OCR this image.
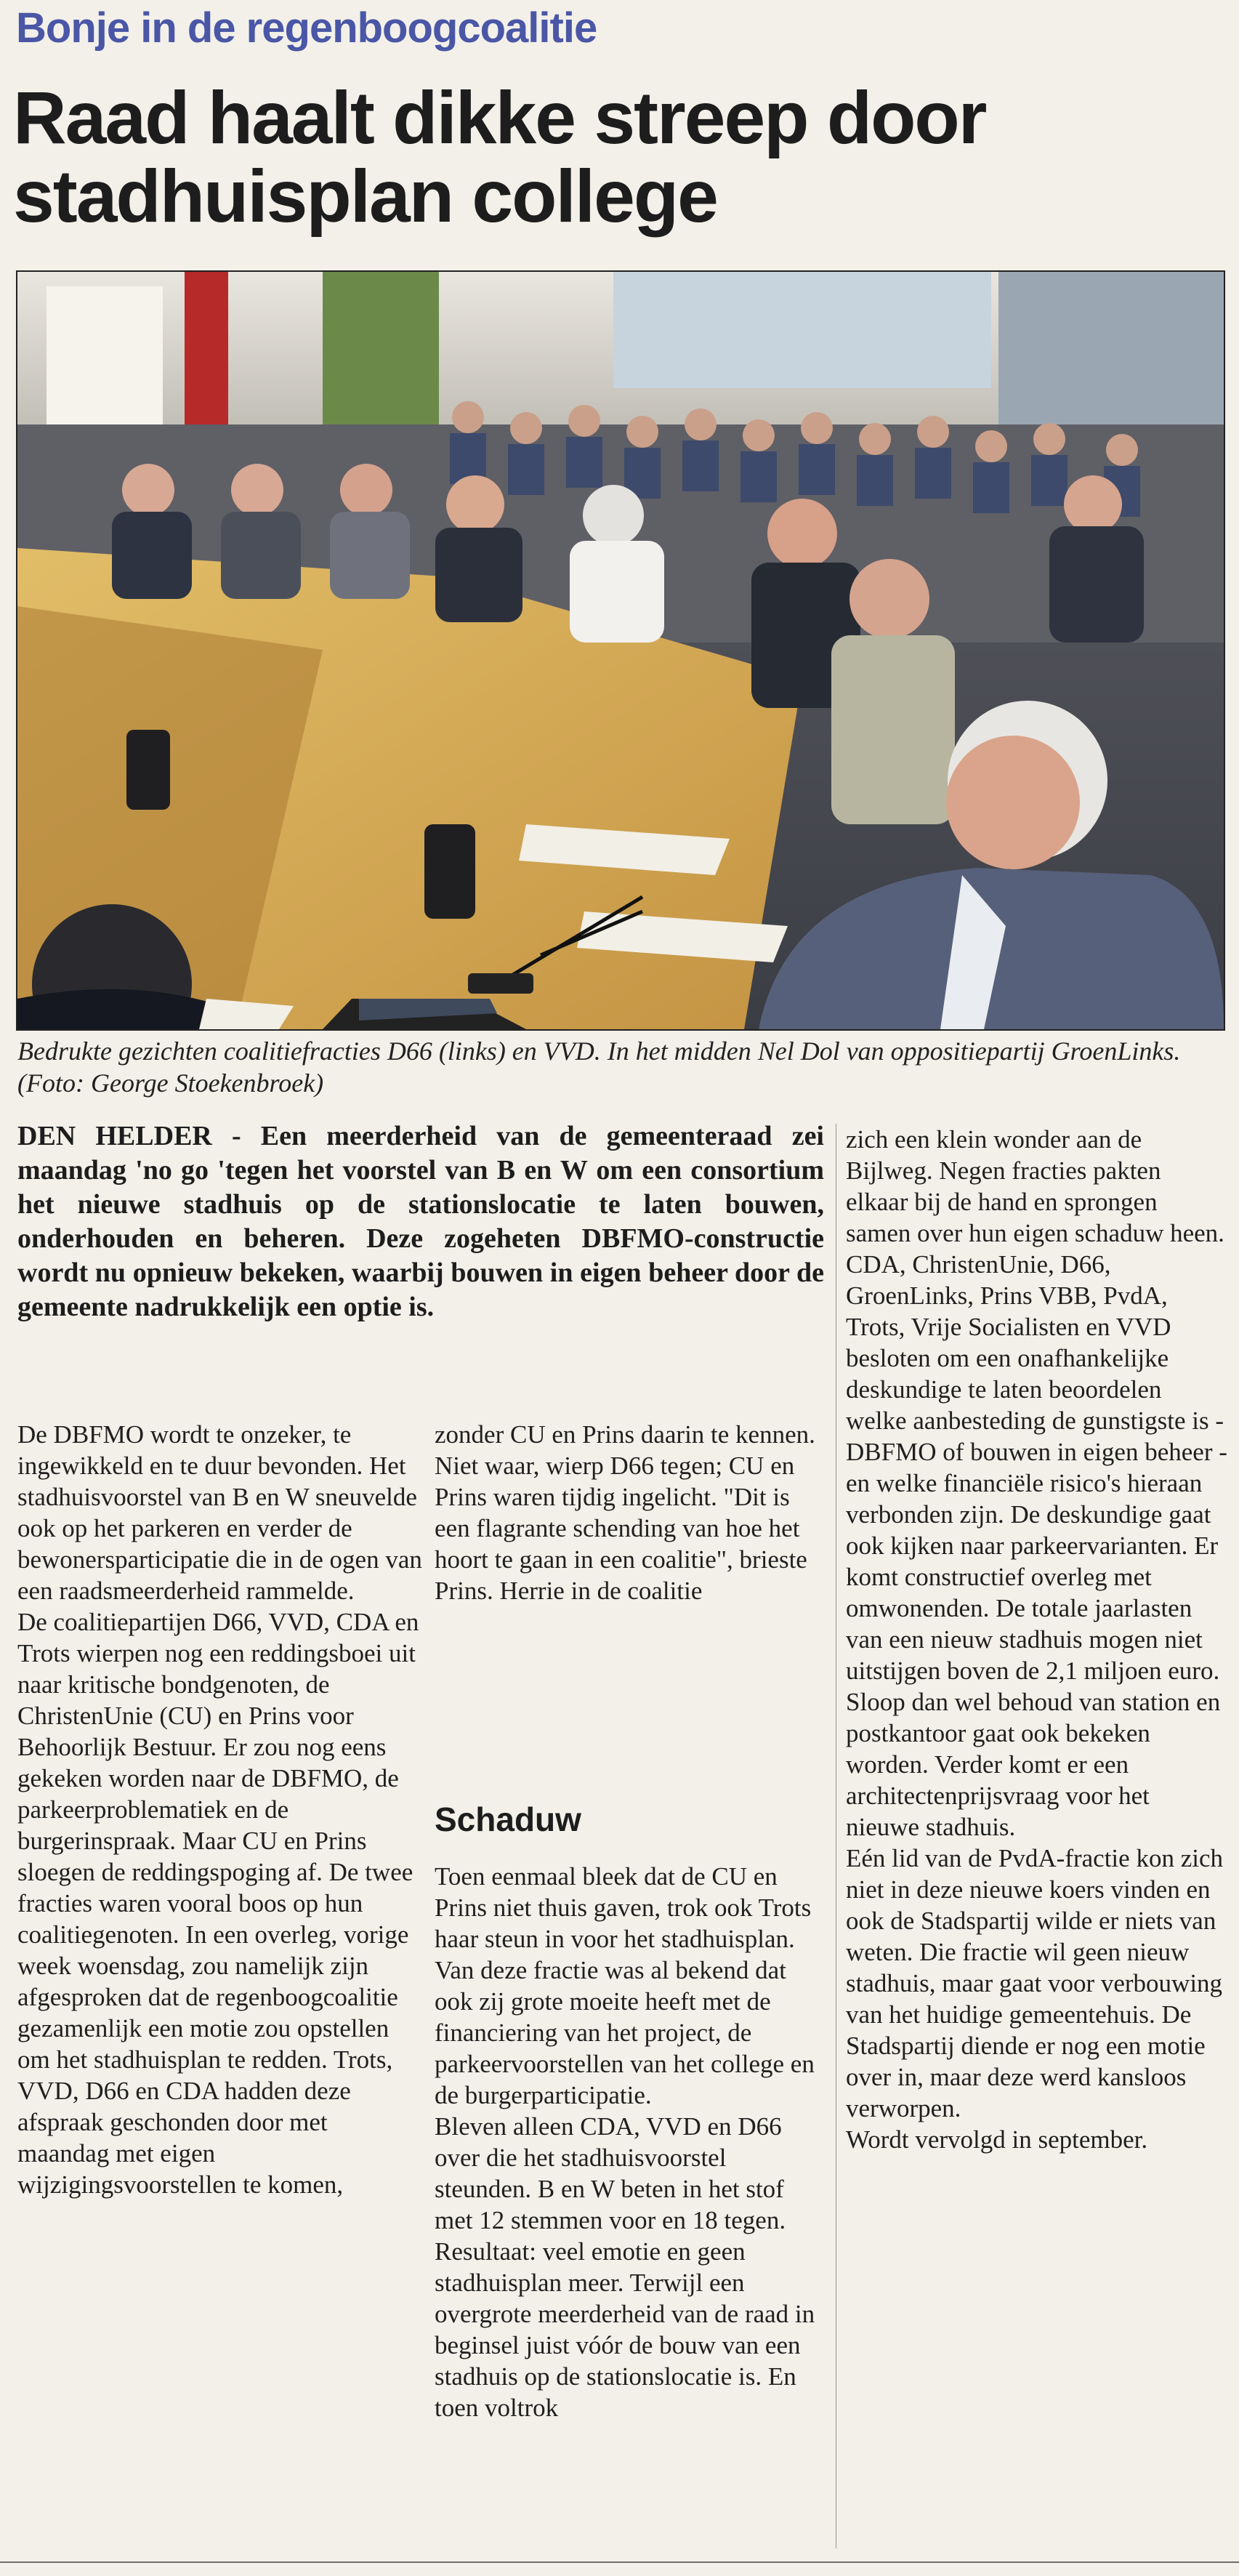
Bonje in de regenboogcoalitie
Raad haalt dikke streep door stadhuisplan college

Bedrukte gezichten coalitiefracties D66 (links) en VVD. In het midden Nel Dol van oppositiepartij GroenLinks. (Foto: George Stoekenbroek)

DEN HELDER - Een meerderheid van de gemeenteraad zei maandag 'no go 'tegen het voorstel van B en W om een consortium het nieuwe stadhuis op de stationslocatie te laten bouwen, onderhouden en beheren. Deze zogeheten DBFMO-constructie wordt nu opnieuw bekeken, waarbij bouwen in eigen beheer door de gemeente nadrukkelijk een optie is.

De DBFMO wordt te onzeker, te ingewikkeld en te duur bevonden. Het stadhuisvoorstel van B en W sneuvelde ook op het parkeren en verder de bewonersparticipatie die in de ogen van een raadsmeerderheid rammelde.

De coalitiepartijen D66, VVD, CDA en Trots wierpen nog een reddingsboei uit naar kritische bondgenoten, de ChristenUnie (CU) en Prins voor Behoorlijk Bestuur. Er zou nog eens gekeken worden naar de DBFMO, de parkeerproblematiek en de burgerinspraak. Maar CU en Prins sloegen de reddingspoging af. De twee fracties waren vooral boos op hun coalitiegenoten. In een overleg, vorige week woensdag, zou namelijk zijn afgesproken dat de regenboogcoalitie gezamenlijk een motie zou opstellen om het stadhuisplan te redden. Trots, VVD, D66 en CDA hadden deze afspraak geschonden door met maandag met eigen wijzigingsvoorstellen te komen,

zonder CU en Prins daarin te kennen. Niet waar, wierp D66 tegen; CU en Prins waren tijdig ingelicht. "Dit is een flagrante schending van hoe het hoort te gaan in een coalitie", brieste Prins. Herrie in de coalitie

Schaduw

Toen eenmaal bleek dat de CU en Prins niet thuis gaven, trok ook Trots haar steun in voor het stadhuisplan. Van deze fractie was al bekend dat ook zij grote moeite heeft met de financiering van het project, de parkeervoorstellen van het college en de burgerparticipatie.

Bleven alleen CDA, VVD en D66 over die het stadhuisvoorstel steunden. B en W beten in het stof met 12 stemmen voor en 18 tegen. Resultaat: veel emotie en geen stadhuisplan meer. Terwijl een overgrote meerderheid van de raad in beginsel juist vóór de bouw van een stadhuis op de stationslocatie is. En toen voltrok

zich een klein wonder aan de Bijlweg. Negen fracties pakten elkaar bij de hand en sprongen samen over hun eigen schaduw heen.

CDA, ChristenUnie, D66, GroenLinks, Prins VBB, PvdA, Trots, Vrije Socialisten en VVD besloten om een onafhankelijke deskundige te laten beoordelen welke aanbesteding de gunstigste is - DBFMO of bouwen in eigen beheer - en welke financiële risico's hieraan verbonden zijn. De deskundige gaat ook kijken naar parkeervarianten. Er komt constructief overleg met omwonenden. De totale jaarlasten van een nieuw stadhuis mogen niet uitstijgen boven de 2,1 miljoen euro. Sloop dan wel behoud van station en postkantoor gaat ook bekeken worden. Verder komt er een architectenprijsvraag voor het nieuwe stadhuis.

Eén lid van de PvdA-fractie kon zich niet in deze nieuwe koers vinden en ook de Stadspartij wilde er niets van weten. Die fractie wil geen nieuw stadhuis, maar gaat voor verbouwing van het huidige gemeentehuis. De Stadspartij diende er nog een motie over in, maar deze werd kansloos verworpen.

Wordt vervolgd in september.
